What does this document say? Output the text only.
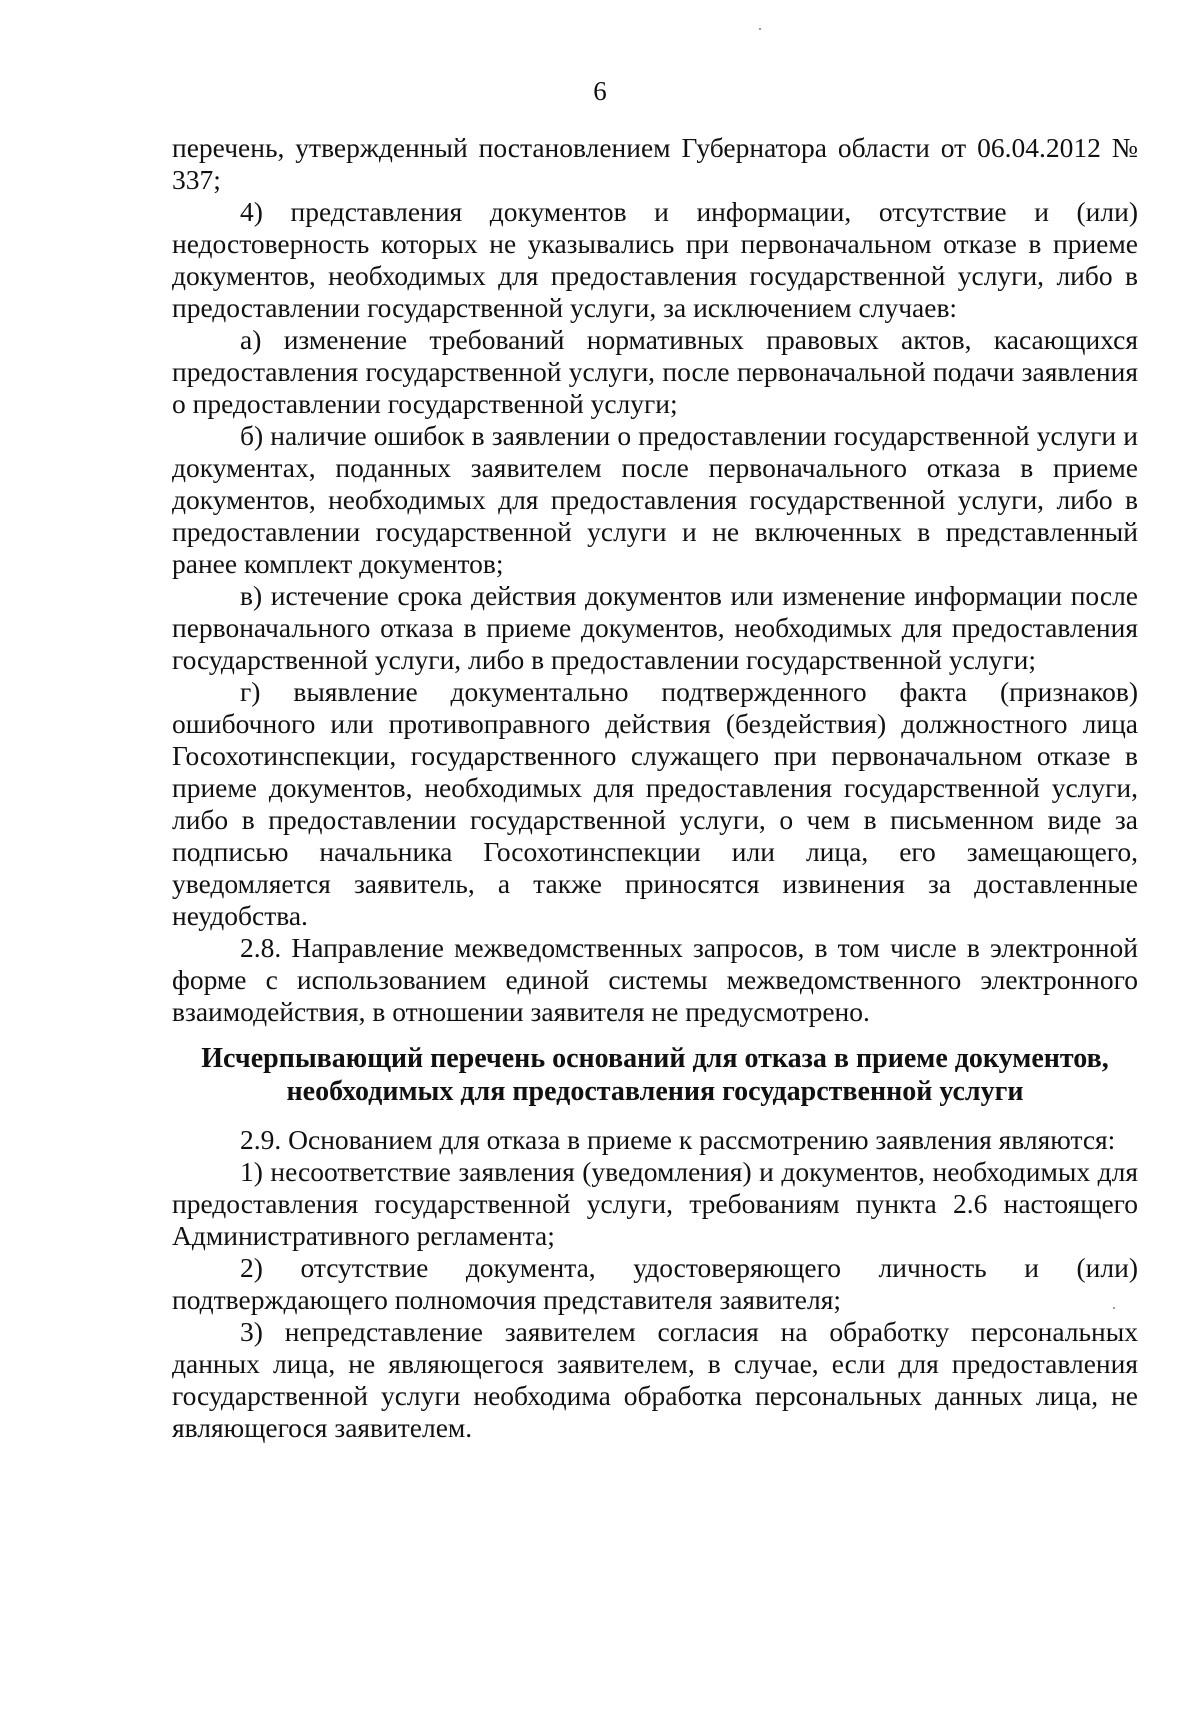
6

перечень, утвержденный постановлением Губернатора области от 06.04.2012 № 337;

4) представления документов и информации, отсутствие и (или) недостоверность которых не указывались при первоначальном отказе в приеме документов, необходимых для предоставления государственной услуги, либо в предоставлении государственной услуги, за исключением случаев:

а) изменение требований нормативных правовых актов, касающихся предоставления государственной услуги, после первоначальной подачи заявления о предоставлении государственной услуги;

б) наличие ошибок в заявлении о предоставлении государственной услуги и документах, поданных заявителем после первоначального отказа в приеме документов, необходимых для предоставления государственной услуги, либо в предоставлении государственной услуги и не включенных в представленный ранее комплект документов;

в) истечение срока действия документов или изменение информации после первоначального отказа в приеме документов, необходимых для предоставления государственной услуги, либо в предоставлении государственной услуги;

г) выявление документально подтвержденного факта (признаков) ошибочного или противоправного действия (бездействия) должностного лица Госохотинспекции, государственного служащего при первоначальном отказе в приеме документов, необходимых для предоставления государственной услуги, либо в предоставлении государственной услуги, о чем в письменном виде за подписью начальника Госохотинспекции или лица, его замещающего, уведомляется заявитель, а также приносятся извинения за доставленные неудобства.

2.8. Направление межведомственных запросов, в том числе в электронной форме с использованием единой системы межведомственного электронного взаимодействия, в отношении заявителя не предусмотрено.

Исчерпывающий перечень оснований для отказа в приеме документов, необходимых для предоставления государственной услуги

2.9. Основанием для отказа в приеме к рассмотрению заявления являются:

1) несоответствие заявления (уведомления) и документов, необходимых для предоставления государственной услуги, требованиям пункта 2.6 настоящего Административного регламента;

2) отсутствие документа, удостоверяющего личность и (или) подтверждающего полномочия представителя заявителя;

3) непредставление заявителем согласия на обработку персональных данных лица, не являющегося заявителем, в случае, если для предоставления государственной услуги необходима обработка персональных данных лица, не являющегося заявителем.
